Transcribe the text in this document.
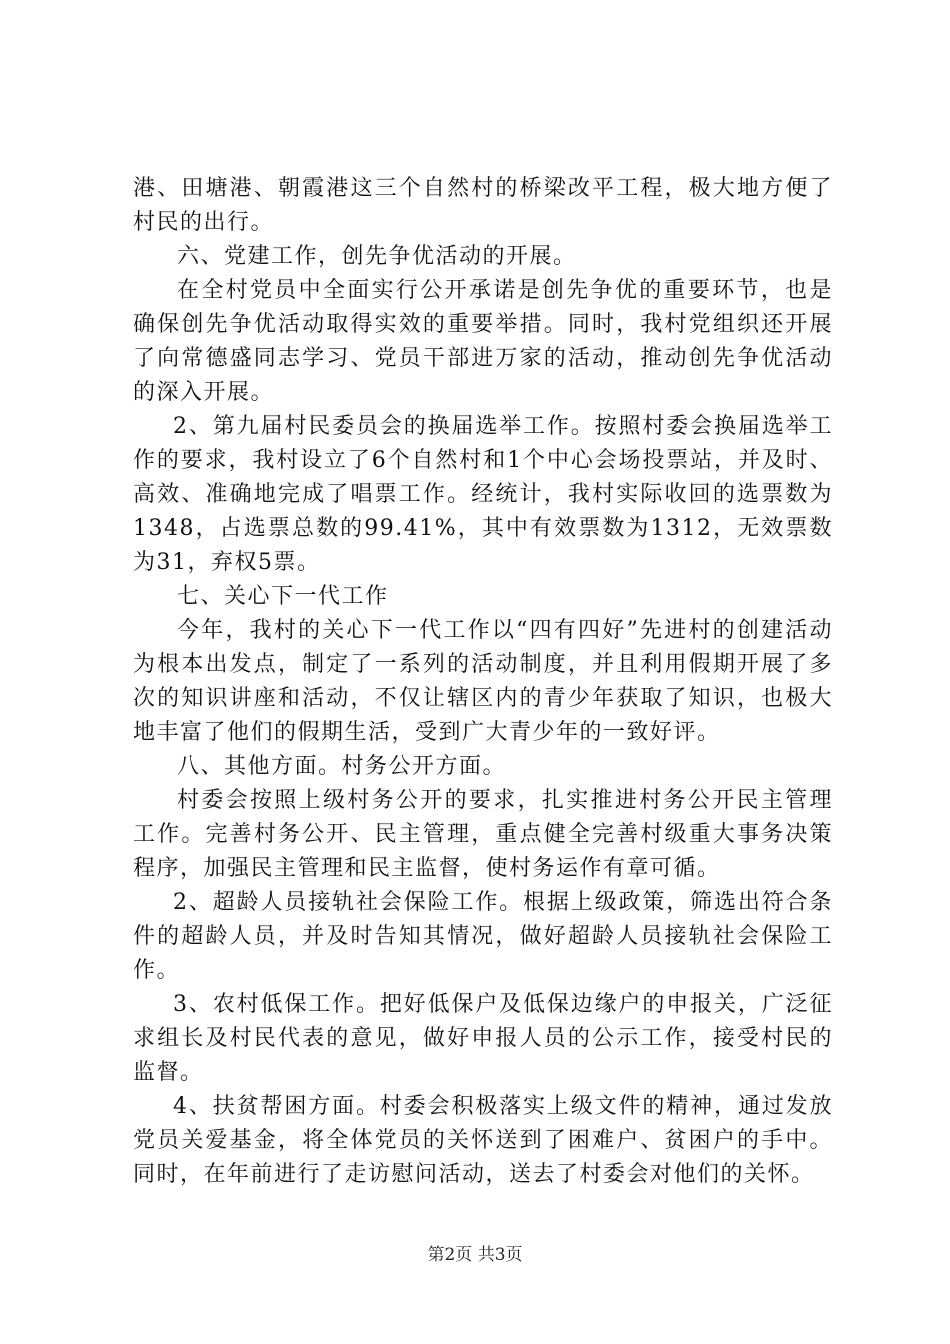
港、田塘港、朝霞港这三个自然村的桥梁改平工程，极大地方便了村民的出行。

六、党建工作，创先争优活动的开展。

在全村党员中全面实行公开承诺是创先争优的重要环节，也是确保创先争优活动取得实效的重要举措。同时，我村党组织还开展了向常德盛同志学习、党员干部进万家的活动，推动创先争优活动的深入开展。

2、第九届村民委员会的换届选举工作。按照村委会换届选举工作的要求，我村设立了6个自然村和1个中心会场投票站，并及时、高效、准确地完成了唱票工作。经统计，我村实际收回的选票数为1348，占选票总数的99.41%，其中有效票数为1312，无效票数为31，弃权5票。

七、关心下一代工作

今年，我村的关心下一代工作以“四有四好”先进村的创建活动为根本出发点，制定了一系列的活动制度，并且利用假期开展了多次的知识讲座和活动，不仅让辖区内的青少年获取了知识，也极大地丰富了他们的假期生活，受到广大青少年的一致好评。

八、其他方面。村务公开方面。

村委会按照上级村务公开的要求，扎实推进村务公开民主管理工作。完善村务公开、民主管理，重点健全完善村级重大事务决策程序，加强民主管理和民主监督，使村务运作有章可循。

2、超龄人员接轨社会保险工作。根据上级政策，筛选出符合条件的超龄人员，并及时告知其情况，做好超龄人员接轨社会保险工作。

3、农村低保工作。把好低保户及低保边缘户的申报关，广泛征求组长及村民代表的意见，做好申报人员的公示工作，接受村民的监督。

4、扶贫帮困方面。村委会积极落实上级文件的精神，通过发放党员关爱基金，将全体党员的关怀送到了困难户、贫困户的手中。同时，在年前进行了走访慰问活动，送去了村委会对他们的关怀。

第2页 共3页
